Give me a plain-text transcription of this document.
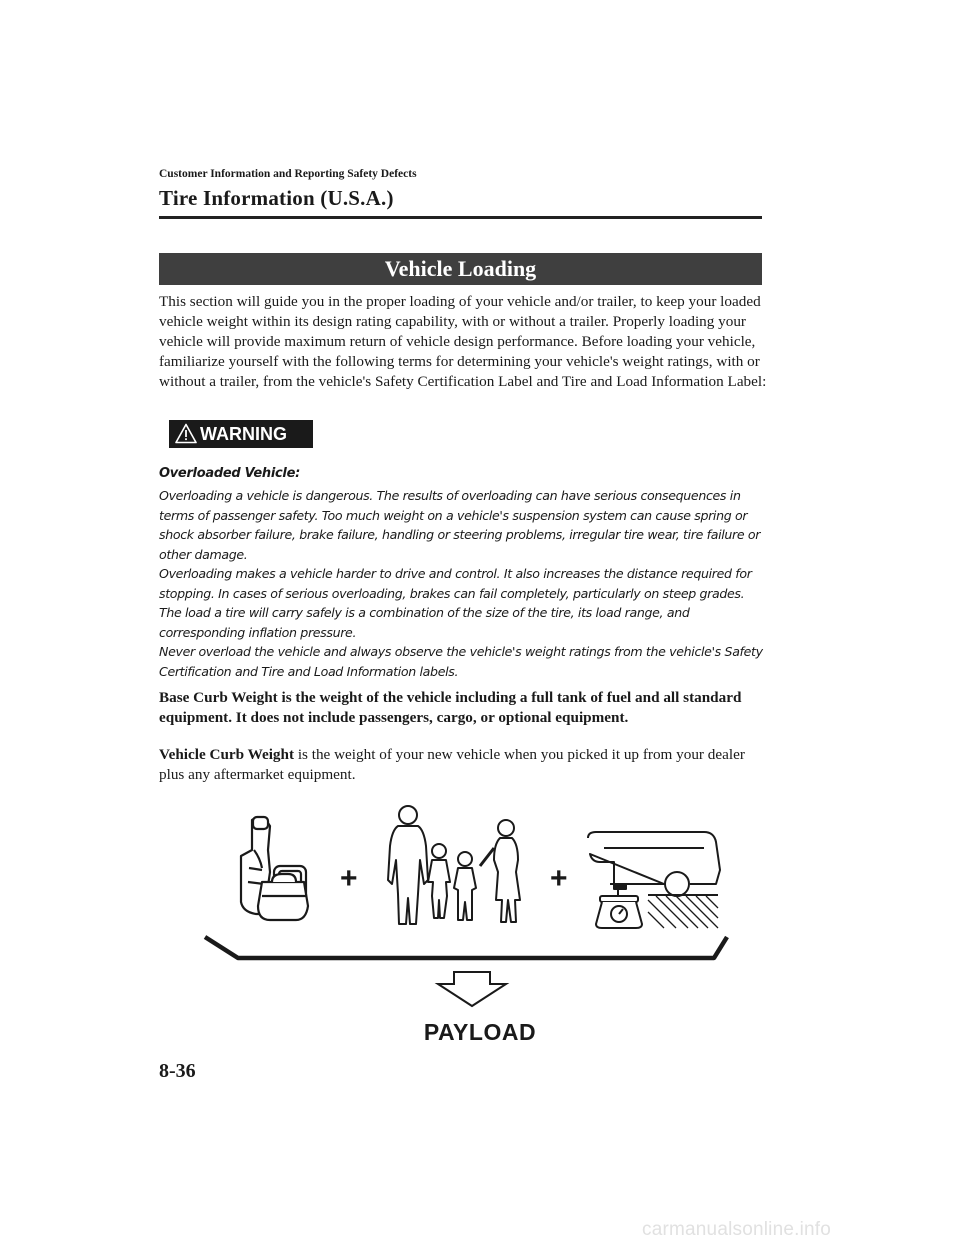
Customer Information and Reporting Safety Defects
Tire Information (U.S.A.)
Vehicle Loading
This section will guide you in the proper loading of your vehicle and/or trailer, to keep your loaded vehicle weight within its design rating capability, with or without a trailer. Properly loading your vehicle will provide maximum return of vehicle design performance. Before loading your vehicle, familiarize yourself with the following terms for determining your vehicle's weight ratings, with or without a trailer, from the vehicle's Safety Certification Label and Tire and Load Information Label:
WARNING
Overloaded Vehicle:

Overloading a vehicle is dangerous. The results of overloading can have serious consequences in terms of passenger safety. Too much weight on a vehicle's suspension system can cause spring or shock absorber failure, brake failure, handling or steering problems, irregular tire wear, tire failure or other damage.

Overloading makes a vehicle harder to drive and control. It also increases the distance required for stopping. In cases of serious overloading, brakes can fail completely, particularly on steep grades. The load a tire will carry safely is a combination of the size of the tire, its load range, and corresponding inflation pressure.

Never overload the vehicle and always observe the vehicle's weight ratings from the vehicle's Safety Certification and Tire and Load Information labels.

Base Curb Weight is the weight of the vehicle including a full tank of fuel and all standard equipment. It does not include passengers, cargo, or optional equipment.
Vehicle Curb Weight is the weight of your new vehicle when you picked it up from your dealer plus any aftermarket equipment.
+	+
PAYLOAD
8-36
carmanualsonline.info
